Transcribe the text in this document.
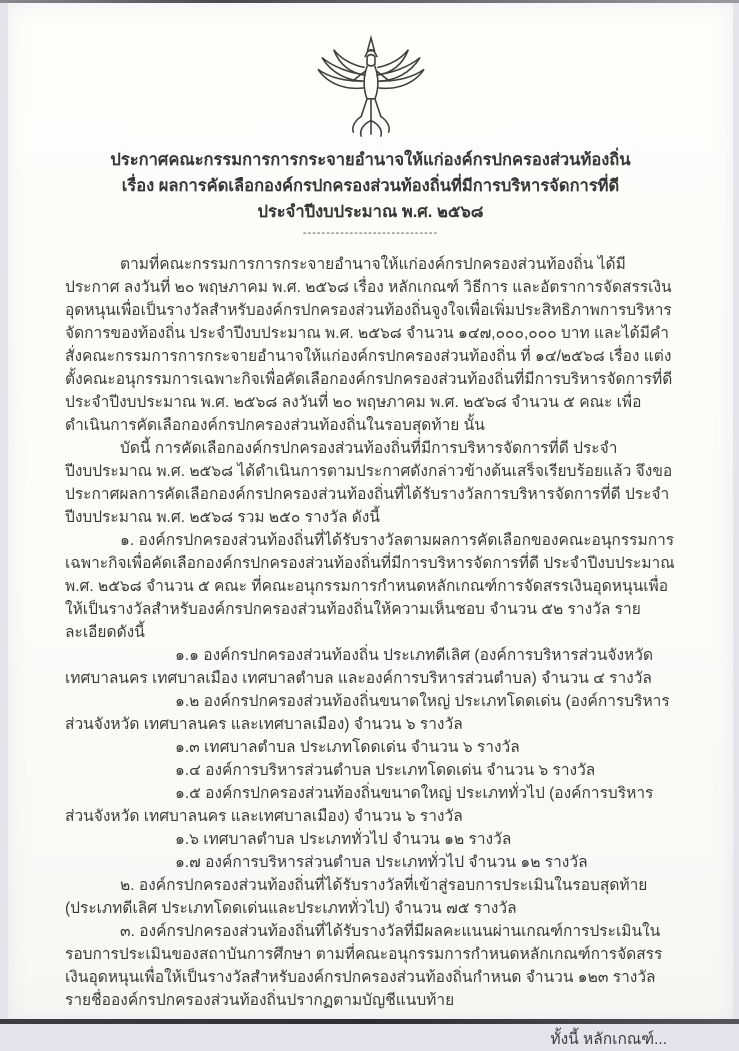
ประกาศคณะกรรมการการกระจายอำนาจให้แก่องค์กรปกครองส่วนท้องถิ่น
เรื่อง ผลการคัดเลือกองค์กรปกครองส่วนท้องถิ่นที่มีการบริหารจัดการที่ดี
ประจำปีงบประมาณ พ.ศ. ๒๕๖๘
-----------------------------

ตามที่คณะกรรมการการกระจายอำนาจให้แก่องค์กรปกครองส่วนท้องถิ่น ได้มีประกาศ ลงวันที่ ๒๐ พฤษภาคม พ.ศ. ๒๕๖๘ เรื่อง หลักเกณฑ์ วิธีการ และอัตราการจัดสรรเงินอุดหนุนเพื่อเป็นรางวัลสำหรับองค์กรปกครองส่วนท้องถิ่นจูงใจเพื่อเพิ่มประสิทธิภาพการบริหารจัดการของท้องถิ่น ประจำปีงบประมาณ พ.ศ. ๒๕๖๘ จำนวน ๑๔๗,๐๐๐,๐๐๐ บาท และได้มีคำสั่งคณะกรรมการการกระจายอำนาจให้แก่องค์กรปกครองส่วนท้องถิ่น ที่ ๑๔/๒๕๖๘ เรื่อง แต่งตั้งคณะอนุกรรมการเฉพาะกิจเพื่อคัดเลือกองค์กรปกครองส่วนท้องถิ่นที่มีการบริหารจัดการที่ดี ประจำปีงบประมาณ พ.ศ. ๒๕๖๘ ลงวันที่ ๒๐ พฤษภาคม พ.ศ. ๒๕๖๘ จำนวน ๕ คณะ เพื่อดำเนินการคัดเลือกองค์กรปกครองส่วนท้องถิ่นในรอบสุดท้าย นั้น

บัดนี้ การคัดเลือกองค์กรปกครองส่วนท้องถิ่นที่มีการบริหารจัดการที่ดี ประจำปีงบประมาณ พ.ศ. ๒๕๖๘ ได้ดำเนินการตามประกาศดังกล่าวข้างต้นเสร็จเรียบร้อยแล้ว จึงขอประกาศผลการคัดเลือกองค์กรปกครองส่วนท้องถิ่นที่ได้รับรางวัลการบริหารจัดการที่ดี ประจำปีงบประมาณ พ.ศ. ๒๕๖๘ รวม ๒๕๐ รางวัล ดังนี้

๑. องค์กรปกครองส่วนท้องถิ่นที่ได้รับรางวัลตามผลการคัดเลือกของคณะอนุกรรมการเฉพาะกิจเพื่อคัดเลือกองค์กรปกครองส่วนท้องถิ่นที่มีการบริหารจัดการที่ดี ประจำปีงบประมาณ พ.ศ. ๒๕๖๘ จำนวน ๕ คณะ ที่คณะอนุกรรมการกำหนดหลักเกณฑ์การจัดสรรเงินอุดหนุนเพื่อให้เป็นรางวัลสำหรับองค์กรปกครองส่วนท้องถิ่นให้ความเห็นชอบ จำนวน ๕๒ รางวัล รายละเอียดดังนี้

๑.๑ องค์กรปกครองส่วนท้องถิ่น ประเภทดีเลิศ (องค์การบริหารส่วนจังหวัด เทศบาลนคร เทศบาลเมือง เทศบาลตำบล และองค์การบริหารส่วนตำบล) จำนวน ๔ รางวัล

๑.๒ องค์กรปกครองส่วนท้องถิ่นขนาดใหญ่ ประเภทโดดเด่น (องค์การบริหารส่วนจังหวัด เทศบาลนคร และเทศบาลเมือง) จำนวน ๖ รางวัล

๑.๓ เทศบาลตำบล ประเภทโดดเด่น จำนวน ๖ รางวัล

๑.๔ องค์การบริหารส่วนตำบล ประเภทโดดเด่น จำนวน ๖ รางวัล

๑.๕ องค์กรปกครองส่วนท้องถิ่นขนาดใหญ่ ประเภททั่วไป (องค์การบริหารส่วนจังหวัด เทศบาลนคร และเทศบาลเมือง) จำนวน ๖ รางวัล

๑.๖ เทศบาลตำบล ประเภททั่วไป จำนวน ๑๒ รางวัล

๑.๗ องค์การบริหารส่วนตำบล ประเภททั่วไป จำนวน ๑๒ รางวัล

๒. องค์กรปกครองส่วนท้องถิ่นที่ได้รับรางวัลที่เข้าสู่รอบการประเมินในรอบสุดท้าย (ประเภทดีเลิศ ประเภทโดดเด่นและประเภททั่วไป) จำนวน ๗๕ รางวัล

๓. องค์กรปกครองส่วนท้องถิ่นที่ได้รับรางวัลที่มีผลคะแนนผ่านเกณฑ์การประเมินในรอบการประเมินของสถาบันการศึกษา ตามที่คณะอนุกรรมการกำหนดหลักเกณฑ์การจัดสรรเงินอุดหนุนเพื่อให้เป็นรางวัลสำหรับองค์กรปกครองส่วนท้องถิ่นกำหนด จำนวน ๑๒๓ รางวัล

รายชื่อองค์กรปกครองส่วนท้องถิ่นปรากฏตามบัญชีแนบท้าย

ทั้งนี้ หลักเกณฑ์...
